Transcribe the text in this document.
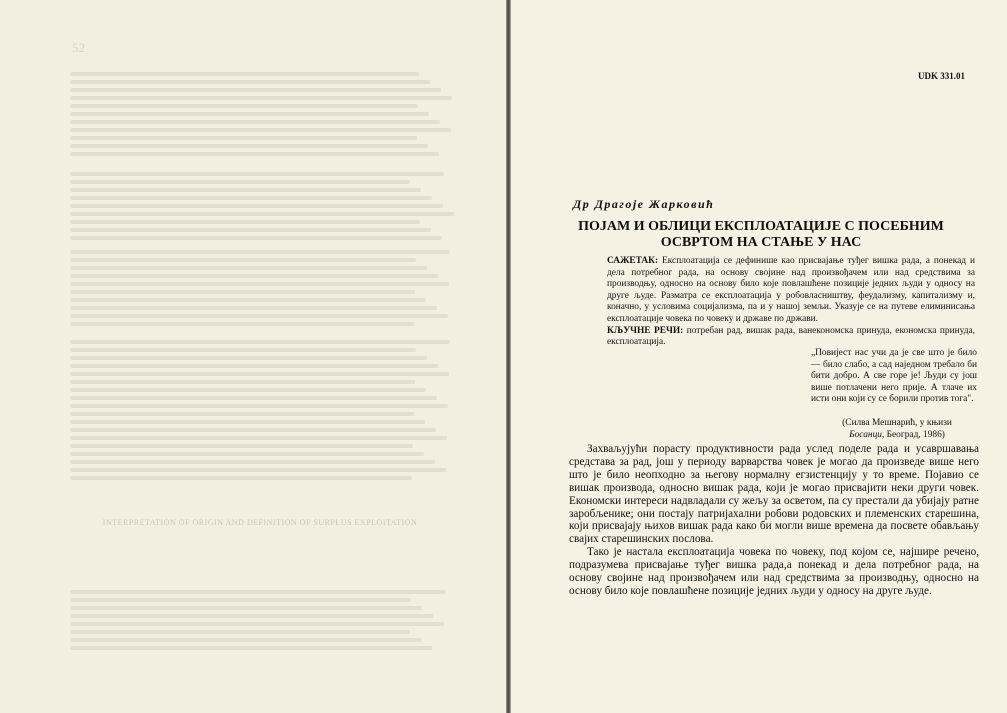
52
INTERPRETATION OF ORIGIN AND DEFINITION OF SURPLUS EXPLOITATION
UDK 331.01
Др Драгоје Жарковић
ПОЈАМ И ОБЛИЦИ ЕКСПЛОАТАЦИЈЕ С ПОСЕБНИМ
ОСВРТОМ НА СТАЊЕ У НАС

САЖЕТАК: Експлоатација се дефинише као присвајање туђег вишка рада, а понекад и дела потребног рада, на основу својине над произвођачем или над средствима за производњу, односно на основу било које повлашћене позиције једних људи у односу на друге људе. Разматра се експлоатација у робовласништву, феудализму, капитализму и, коначно, у условима социјализма, па и у нашој земљи. Указује се на путеве елиминисања експлоатације човека по човеку и државе по држави.

КЉУЧНЕ РЕЧИ: потребан рад, вишак рада, ванекономска принуда, економска принуда, експлоатација.

„Повијест нас учи да је све што је било — било слабо, а сад наједном требало би бити добро. А све горе је! Људи су још више потлачени него прије. А тлаче их исти они који су се борили против тога".
(Силва Мешнарић, у књизи
Босанци, Београд, 1986)

Захваљујући порасту продуктивности рада услед поделе рада и усавршавања средстава за рад, још у периоду варварства човек је могао да произведе више него што је било неопходно за његову нормалну егзистенцију у то време. Појавио се вишак производа, односно вишак рада, који је могао присвајити неки други човек. Економски интереси надвладали су жељу за осветом, па су престали да убијају ратне заробљенике; они постају патријахални робови родовских и племенских старешина, који присвајају њихов вишак рада како би могли више времена да посвете обављању свајих старешинских послова.

Тако је настала експлоатација човека по човеку, под којом се, најшире речено, подразумева присвајање туђег вишка рада,а понекад и дела потребног рада, на основу својине над произвођачем или над средствима за производњу, односно на основу било које повлашћене позиције једних људи у односу на друге људе.
